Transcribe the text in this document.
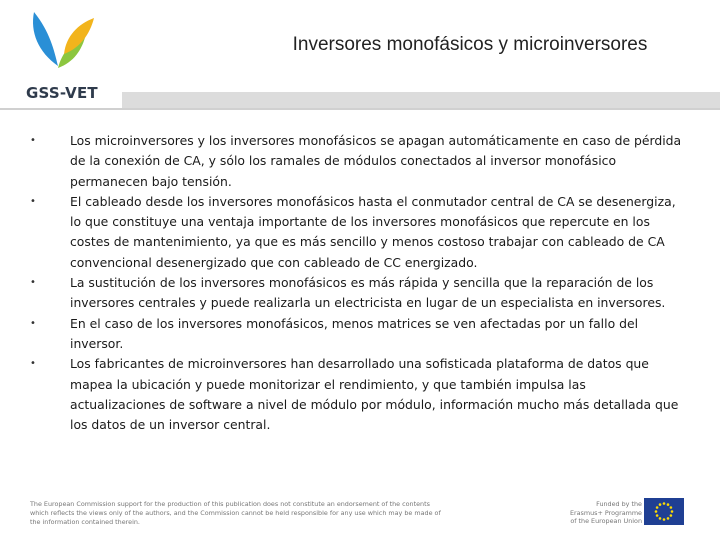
GSS-VET
Inversores monofásicos y microinversores
•	Los microinversores y los inversores monofásicos se apagan automáticamente en caso de pérdida de la conexión de CA, y sólo los ramales de módulos conectados al inversor monofásico permanecen bajo tensión.
•	El cableado desde los inversores monofásicos hasta el conmutador central de CA se desenergiza, lo que constituye una ventaja importante de los inversores monofásicos que repercute en los costes de mantenimiento, ya que es más sencillo y menos costoso trabajar con cableado de CA convencional desenergizado que con cableado de CC energizado.
•	La sustitución de los inversores monofásicos es más rápida y sencilla que la reparación de los inversores centrales y puede realizarla un electricista en lugar de un especialista en inversores.
•	En el caso de los inversores monofásicos, menos matrices se ven afectadas por un fallo del inversor.
•	Los fabricantes de microinversores han desarrollado una sofisticada plataforma de datos que mapea la ubicación y puede monitorizar el rendimiento, y que también impulsa las actualizaciones de software a nivel de módulo por módulo, información mucho más detallada que los datos de un inversor central.
The European Commission support for the production of this publication does not constitute an endorsement of the contents which reflects the views only of the authors, and the Commission cannot be held responsible for any use which may be made of the information contained therein.
Funded by the
Erasmus+ Programme
of the European Union
